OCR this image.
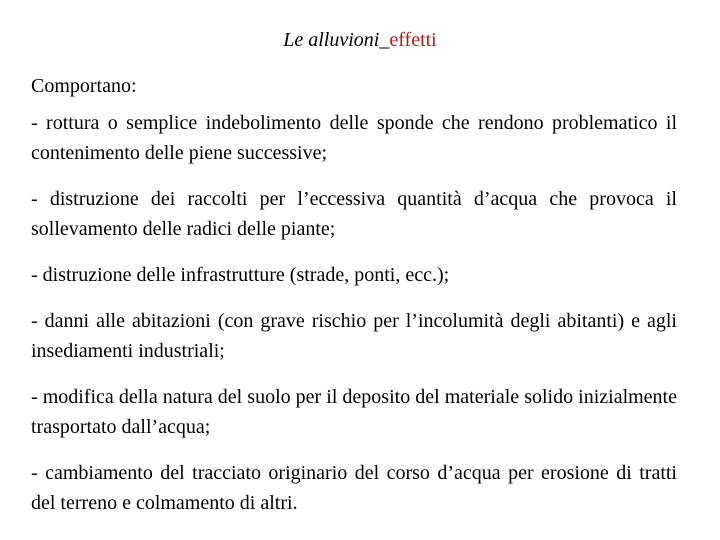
Le alluvioni_effetti
Comportano:

- rottura o semplice indebolimento delle sponde che rendono problematico il contenimento delle piene successive;

- distruzione dei raccolti per l’eccessiva quantità d’acqua che provoca il sollevamento delle radici delle piante;

- distruzione delle infrastrutture (strade, ponti, ecc.);

- danni alle abitazioni (con grave rischio per l’incolumità degli abitanti) e agli insediamenti industriali;

- modifica della natura del suolo per il deposito del materiale solido inizialmente trasportato dall’acqua;

- cambiamento del tracciato originario del corso d’acqua per erosione di tratti del terreno e colmamento di altri.
